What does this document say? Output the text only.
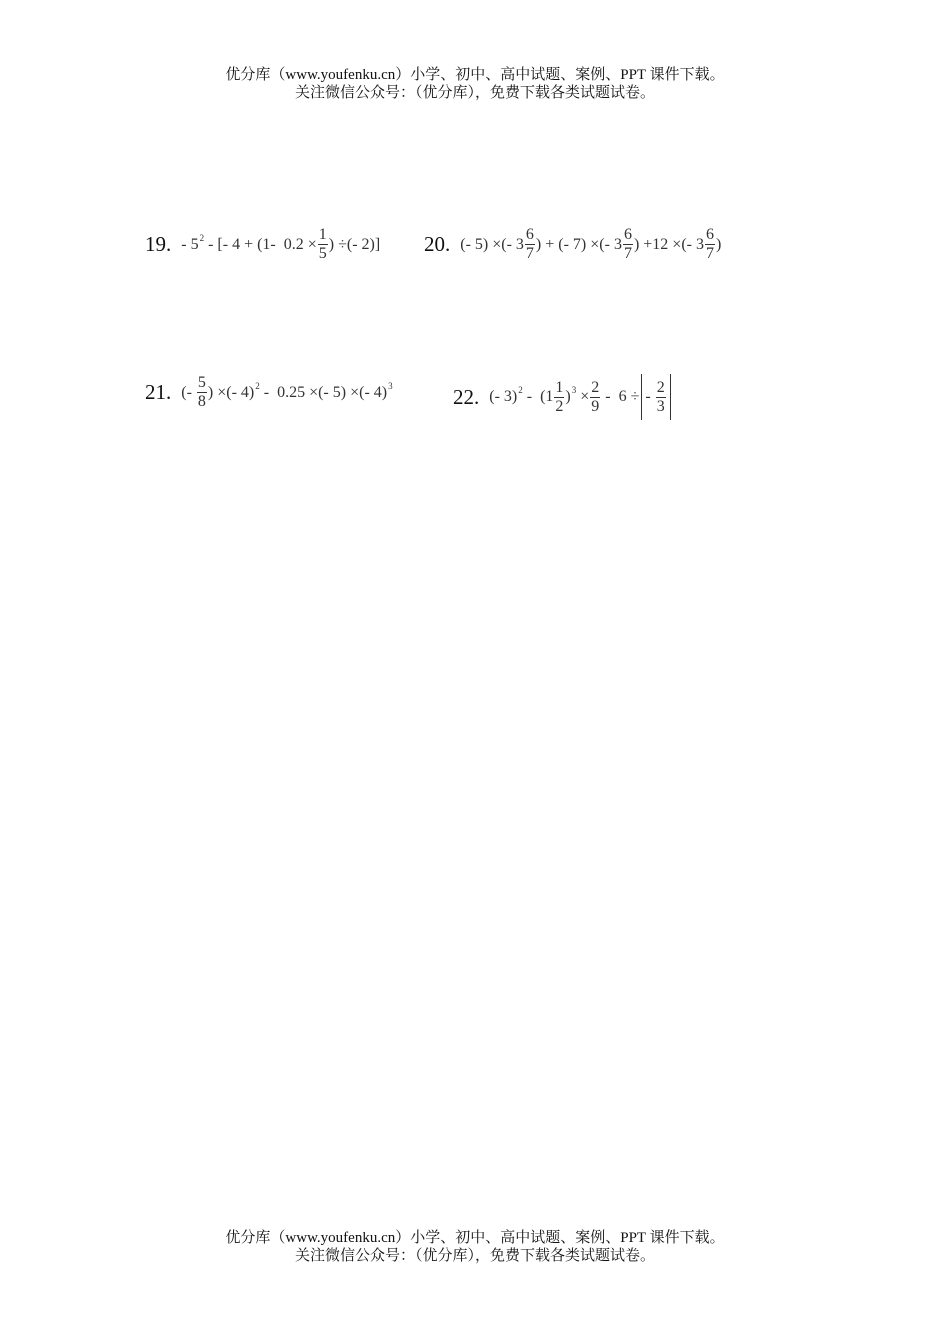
优分库（www.youfenku.cn）小学、初中、高中试题、案例、PPT 课件下载。
关注微信公众号：（优分库），免费下载各类试题试卷。
19. - 5 2 - [- 4 + (1-  $0.2 \times \frac{1}{5}$ ) ÷(- 2)] 20. (- 5) ×(- $3 \frac{6}{7}$ ) + (- 7) ×(- $3 \frac{6}{7}$ ) +12 ×(- $3 \frac{6}{7}$ )
21. (- $\frac{5}{8}$ ) ×(- 4) 2 -  0.25 ×(- 5) ×(- 4) 3	22. (- 3) $2 - (1 \frac{1}{2}$ ) $3 \times \frac{2}{9} - 6$ ÷ - $\frac{2}{3}$
优分库（www.youfenku.cn）小学、初中、高中试题、案例、PPT 课件下载。
关注微信公众号：（优分库），免费下载各类试题试卷。
